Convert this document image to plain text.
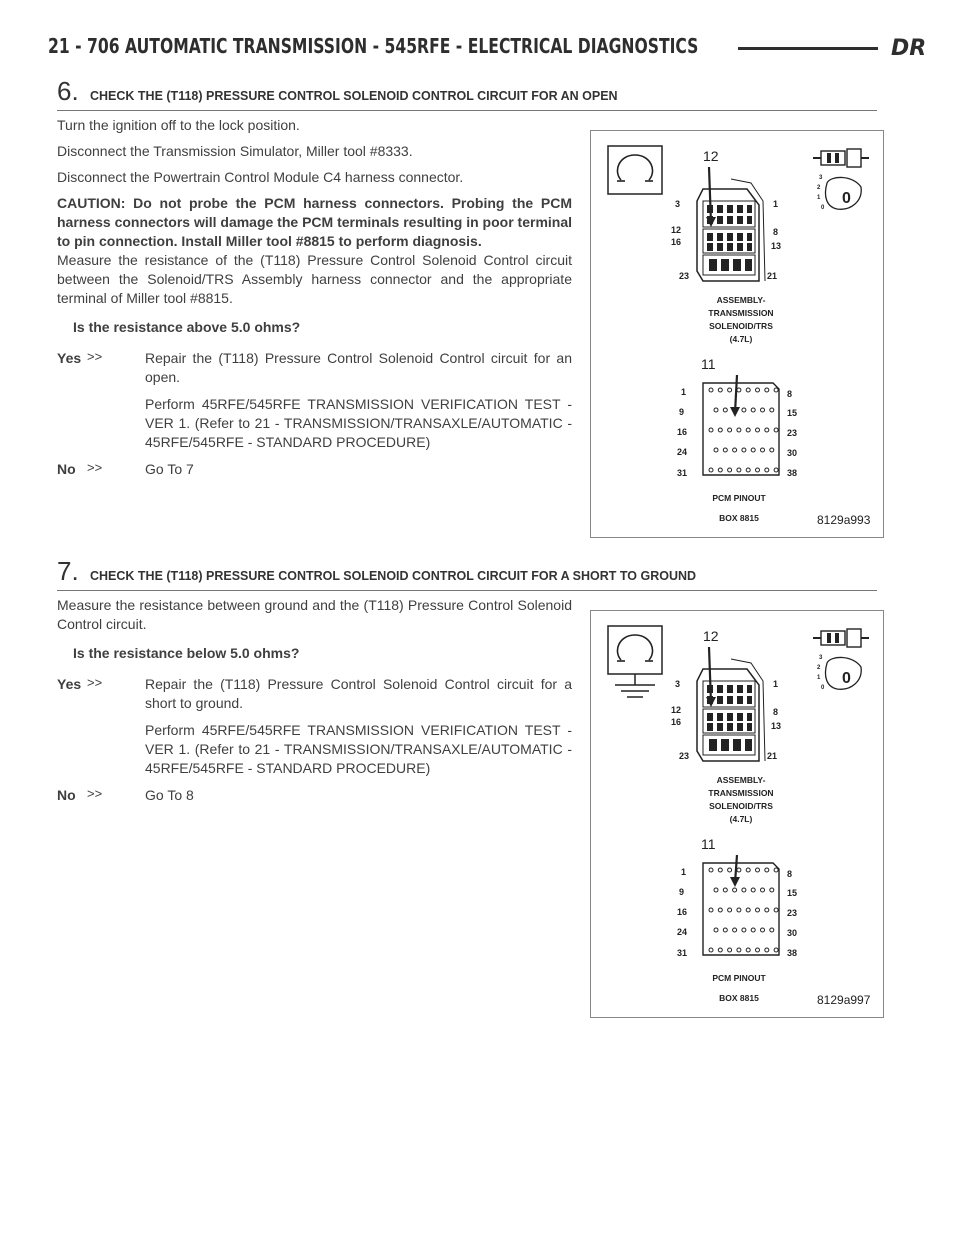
21 - 706 AUTOMATIC TRANSMISSION - 545RFE - ELECTRICAL DIAGNOSTICS	DR
6. CHECK THE (T118) PRESSURE CONTROL SOLENOID CONTROL CIRCUIT FOR AN OPEN

Turn the ignition off to the lock position.

Disconnect the Transmission Simulator, Miller tool #8333.

Disconnect the Powertrain Control Module C4 harness connector.

CAUTION: Do not probe the PCM harness connectors. Probing the PCM harness connectors will damage the PCM terminals resulting in poor terminal to pin connection. Install Miller tool #8815 to perform diagnosis.

Measure the resistance of the (T118) Pressure Control Solenoid Control circuit between the Solenoid/TRS Assembly harness connector and the appropriate terminal of Miller tool #8815.

Is the resistance above 5.0 ohms?

Yes >>	Repair the (T118) Pressure Control Solenoid Control circuit for an open.

Perform 45RFE/545RFE TRANSMISSION VERIFICATION TEST - VER 1. (Refer to 21 - TRANSMISSION/TRANSAXLE/AUTOMATIC - 45RFE/545RFE - STANDARD PROCEDURE)

No >>	Go To 7

3
2
1
0
0
12
3	1
12	8
16	13
23	21
ASSEMBLY-
TRANSMISSION
SOLENOID/TRS
(4.7L)
11
1
9
16
24
31
8
15
23
30
38
PCM PINOUT
BOX 8815	8129a993
7. CHECK THE (T118) PRESSURE CONTROL SOLENOID CONTROL CIRCUIT FOR A SHORT TO GROUND

Measure the resistance between ground and the (T118) Pressure Control Solenoid Control circuit.

Is the resistance below 5.0 ohms?

Yes >>	Repair the (T118) Pressure Control Solenoid Control circuit for a short to ground.

Perform 45RFE/545RFE TRANSMISSION VERIFICATION TEST - VER 1. (Refer to 21 - TRANSMISSION/TRANSAXLE/AUTOMATIC - 45RFE/545RFE - STANDARD PROCEDURE)

No >>	Go To 8

3
2
1
0
0
12
3	1
12	8
16	13
23	21
ASSEMBLY-
TRANSMISSION
SOLENOID/TRS
(4.7L)
11
1
9
16
24
31
8
15
23
30
38
PCM PINOUT
BOX 8815	8129a997
